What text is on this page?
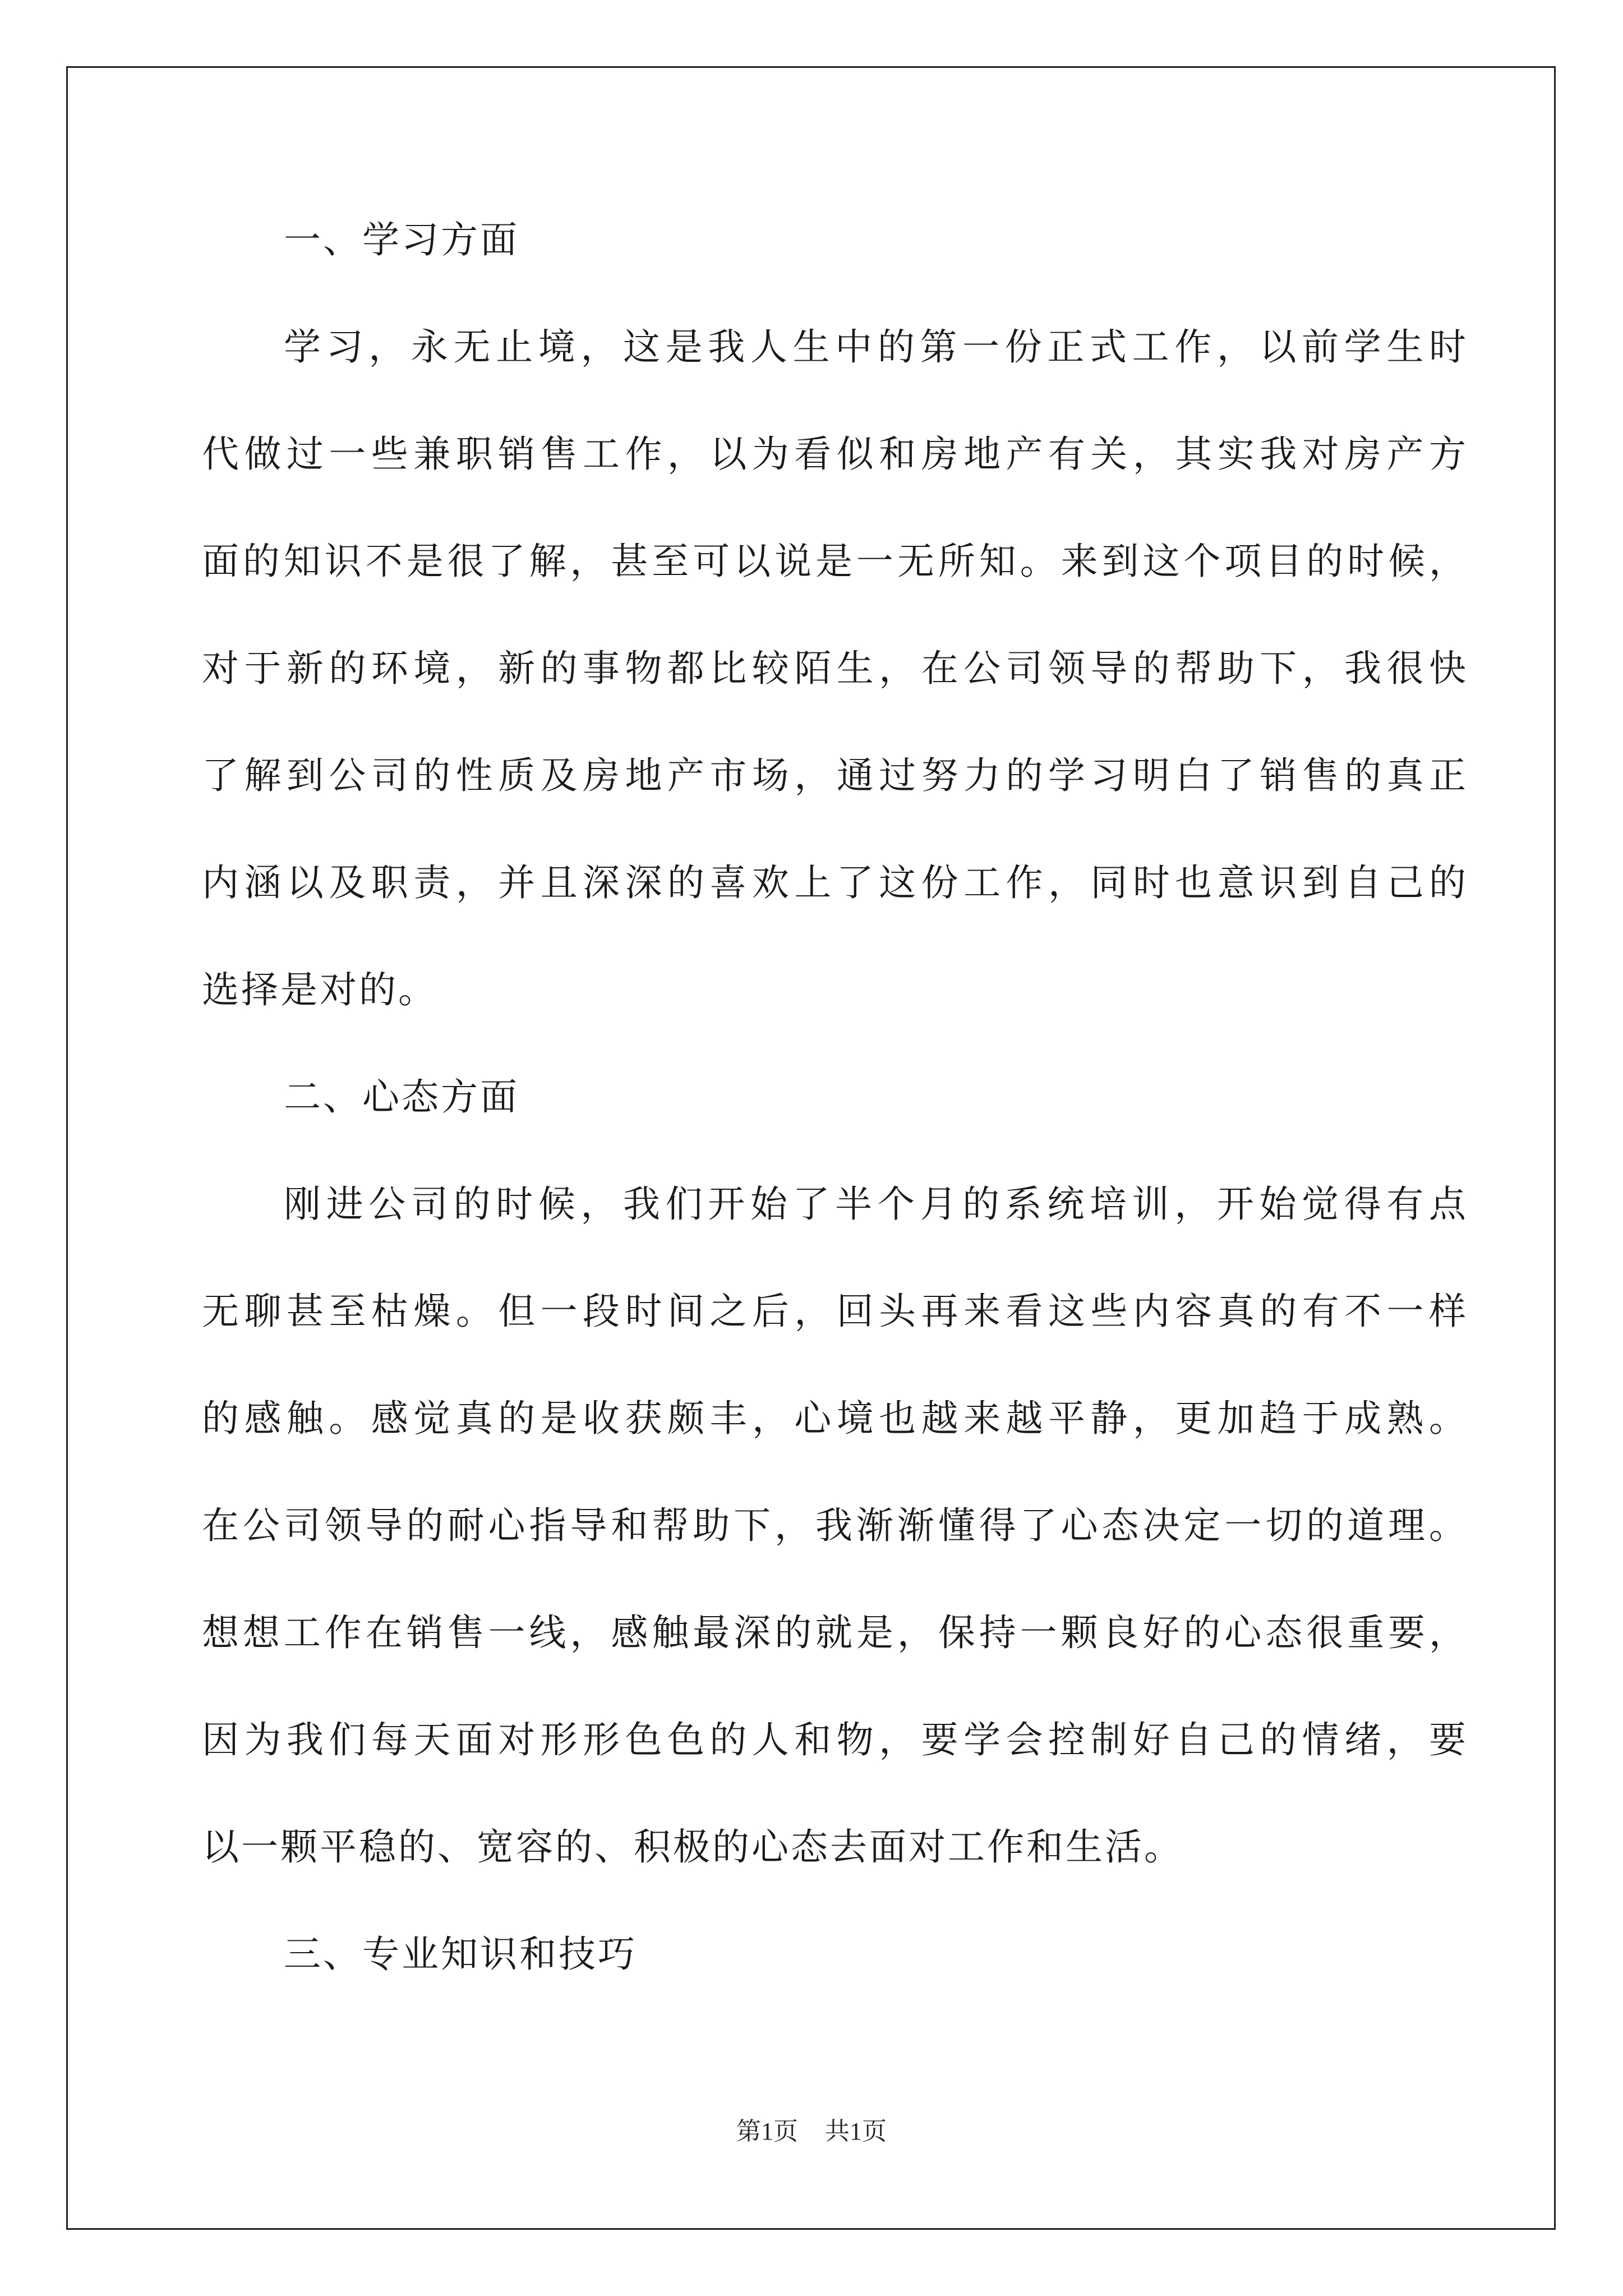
一、学习方面
学习，永无止境，这是我人生中的第一份正式工作，以前学生时
代做过一些兼职销售工作，以为看似和房地产有关，其实我对房产方
面的知识不是很了解，甚至可以说是一无所知。来到这个项目的时候，
对于新的环境，新的事物都比较陌生，在公司领导的帮助下，我很快
了解到公司的性质及房地产市场，通过努力的学习明白了销售的真正
内涵以及职责，并且深深的喜欢上了这份工作，同时也意识到自己的
选择是对的。
二、心态方面
刚进公司的时候，我们开始了半个月的系统培训，开始觉得有点
无聊甚至枯燥。但一段时间之后，回头再来看这些内容真的有不一样
的感触。感觉真的是收获颇丰，心境也越来越平静，更加趋于成熟。
在公司领导的耐心指导和帮助下，我渐渐懂得了心态决定一切的道理。
想想工作在销售一线，感触最深的就是，保持一颗良好的心态很重要，
因为我们每天面对形形色色的人和物，要学会控制好自己的情绪，要
以一颗平稳的、宽容的、积极的心态去面对工作和生活。
三、专业知识和技巧
第1页 共1页
